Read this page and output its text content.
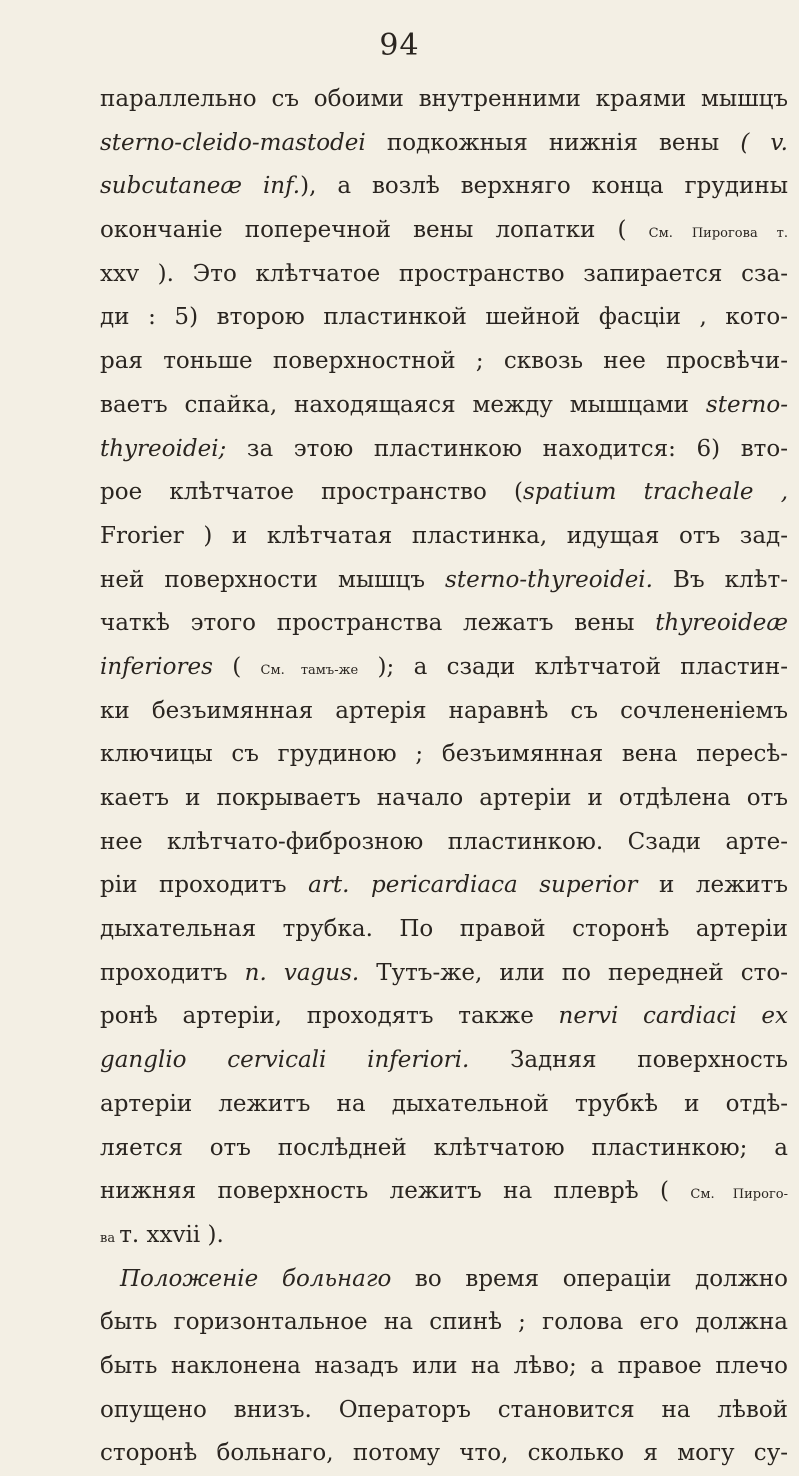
94
параллельно съ обоими внутренними краями мышцъ
sterno-cleido-mastodei подкожныя нижнія вены ( v.
subcutaneæ inf.), а возлѣ верхняго конца грудины
окончаніе поперечной вены лопатки ( См. Пирогова т.
xxv ). Это клѣтчатое пространство запирается сза-
ди : 5) второю пластинкой шейной фасціи , кото-
рая тоньше поверхностной ; сквозь нее просвѣчи-
ваетъ спайка, находящаяся между мышцами sterno-
thyreoidei; за этою пластинкою находится: 6) вто-
рое клѣтчатое пространство (spatium tracheale ,
Frorier ) и клѣтчатая пластинка, идущая отъ зад-
ней поверхности мышцъ sterno-thyreoidei. Въ клѣт-
чаткѣ этого пространства лежатъ вены thyreoideæ
inferiores ( См. тамъ-же ); а сзади клѣтчатой пластин-
ки безъимянная артерія наравнѣ съ сочлененіемъ
ключицы съ грудиною ; безъимянная вена пересѣ-
каетъ и покрываетъ начало артеріи и отдѣлена отъ
нее клѣтчато-фиброзною пластинкою. Сзади арте-
ріи проходитъ art. pericardiaca superior и лежитъ
дыхательная трубка. По правой сторонѣ артеріи
проходитъ n. vagus. Тутъ-же, или по передней сто-
ронѣ артеріи, проходятъ также nervi cardiaci ex
ganglio cervicali inferiori. Задняя поверхность
артеріи лежитъ на дыхательной трубкѣ и отдѣ-
ляется отъ послѣдней клѣтчатою пластинкою; а
нижняя поверхность лежитъ на плеврѣ ( См. Пирого-
ва т. xxvii ).
Положеніе больнаго во время операціи должно
быть горизонтальное на спинѣ ; голова его должна
быть наклонена назадъ или на лѣво; а правое плечо
опущено внизъ. Операторъ становится на лѣвой
сторонѣ больнаго, потому что, сколько я могу су-
